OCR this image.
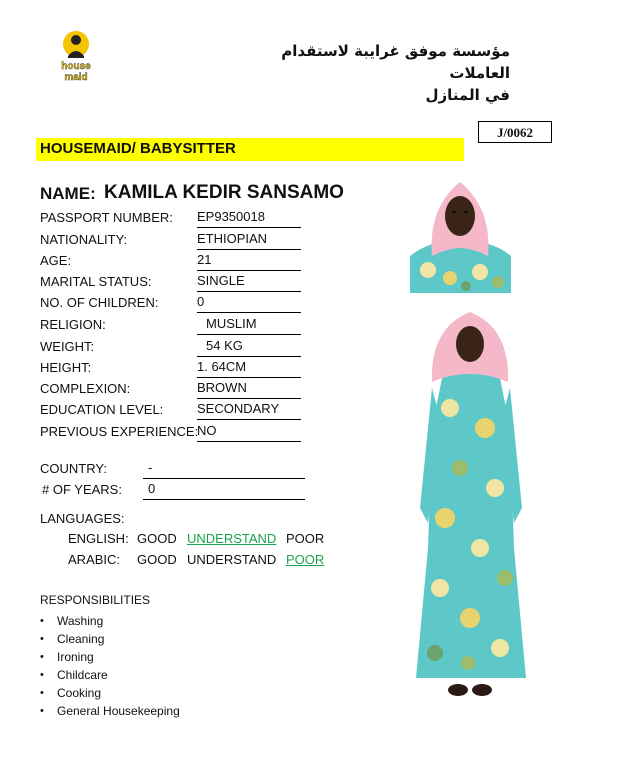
house
maid
مؤسسة موفق غرايبة لاستقدام العاملات
في المنازل
J/0062
HOUSEMAID/ BABYSITTER
NAME: KAMILA KEDIR SANSAMO
PASSPORT NUMBER: EP9350018
NATIONALITY:	ETHIOPIAN
AGE:	21
MARITAL STATUS:	SINGLE
NO. OF CHILDREN:	0
RELIGION:	MUSLIM
WEIGHT:	54 KG
HEIGHT:	1. 64CM
COMPLEXION:	BROWN
EDUCATION LEVEL:	SECONDARY
PREVIOUS EXPERIENCE:
NO
COUNTRY:	-
# OF YEARS:	0
LANGUAGES:
ENGLISH: GOOD UNDERSTAND POOR
ARABIC: GOOD UNDERSTAND POOR
RESPONSIBILITIES
• Washing
• Cleaning
• Ironing
• Childcare
• Cooking
• General Housekeeping
